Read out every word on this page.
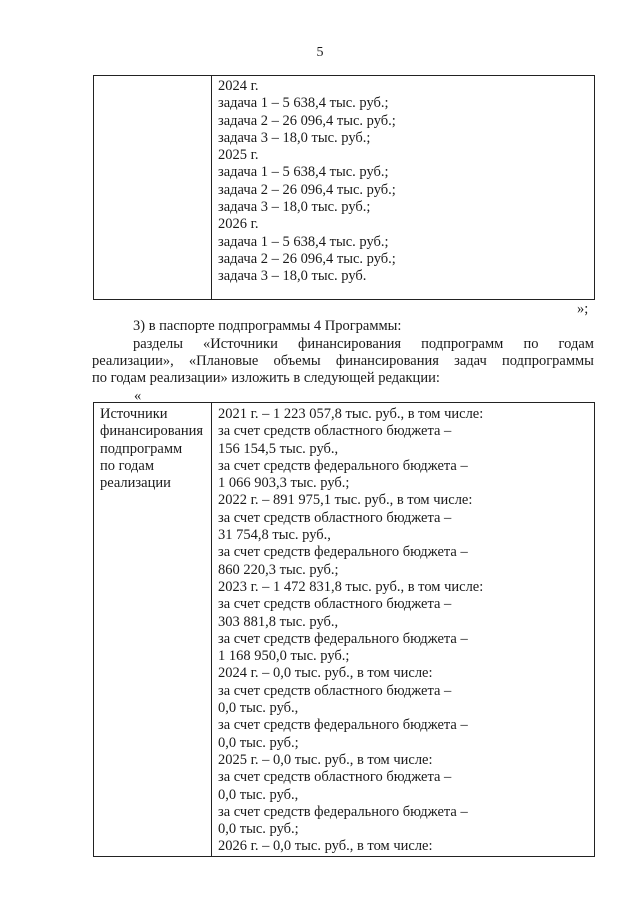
5
2024 г.
задача 1 – 5 638,4 тыс. руб.;
задача 2 – 26 096,4 тыс. руб.;
задача 3 – 18,0 тыс. руб.;
2025 г.
задача 1 – 5 638,4 тыс. руб.;
задача 2 – 26 096,4 тыс. руб.;
задача 3 – 18,0 тыс. руб.;
2026 г.
задача 1 – 5 638,4 тыс. руб.;
задача 2 – 26 096,4 тыс. руб.;
задача 3 – 18,0 тыс. руб.
»;
3) в паспорте подпрограммы 4 Программы:
разделы «Источники финансирования подпрограмм по годам
реализации», «Плановые объемы финансирования задач подпрограммы
по годам реализации» изложить в следующей редакции:
«
Источники
финансирования
подпрограмм
по годам
реализации
2021 г. – 1 223 057,8 тыс. руб., в том числе:
за счет средств областного бюджета –
156 154,5 тыс. руб.,
за счет средств федерального бюджета –
1 066 903,3 тыс. руб.;
2022 г. – 891 975,1 тыс. руб., в том числе:
за счет средств областного бюджета –
31 754,8 тыс. руб.,
за счет средств федерального бюджета –
860 220,3 тыс. руб.;
2023 г. – 1 472 831,8 тыс. руб., в том числе:
за счет средств областного бюджета –
303 881,8 тыс. руб.,
за счет средств федерального бюджета –
1 168 950,0 тыс. руб.;
2024 г. – 0,0 тыс. руб., в том числе:
за счет средств областного бюджета –
0,0 тыс. руб.,
за счет средств федерального бюджета –
0,0 тыс. руб.;
2025 г. – 0,0 тыс. руб., в том числе:
за счет средств областного бюджета –
0,0 тыс. руб.,
за счет средств федерального бюджета –
0,0 тыс. руб.;
2026 г. – 0,0 тыс. руб., в том числе:
